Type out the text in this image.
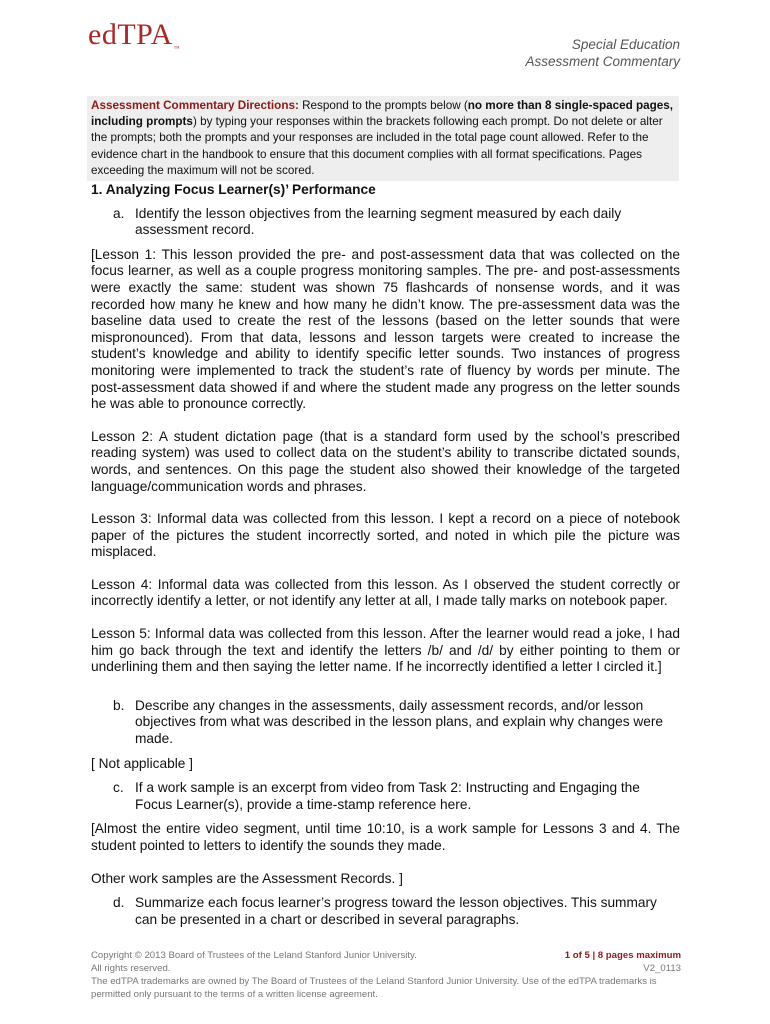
edTPA™	Special Education
Assessment Commentary
Assessment Commentary Directions: Respond to the prompts below (no more than 8 single-spaced pages, including prompts) by typing your responses within the brackets following each prompt. Do not delete or alter the prompts; both the prompts and your responses are included in the total page count allowed. Refer to the evidence chart in the handbook to ensure that this document complies with all format specifications. Pages exceeding the maximum will not be scored.
1. Analyzing Focus Learner(s)’ Performance
a. Identify the lesson objectives from the learning segment measured by each daily assessment record.

[Lesson 1: This lesson provided the pre- and post-assessment data that was collected on the focus learner, as well as a couple progress monitoring samples. The pre- and post-assessments were exactly the same: student was shown 75 flashcards of nonsense words, and it was recorded how many he knew and how many he didn’t know. The pre-assessment data was the baseline data used to create the rest of the lessons (based on the letter sounds that were mispronounced). From that data, lessons and lesson targets were created to increase the student’s knowledge and ability to identify specific letter sounds. Two instances of progress monitoring were implemented to track the student’s rate of fluency by words per minute. The post-assessment data showed if and where the student made any progress on the letter sounds he was able to pronounce correctly.

Lesson 2: A student dictation page (that is a standard form used by the school’s prescribed reading system) was used to collect data on the student’s ability to transcribe dictated sounds, words, and sentences. On this page the student also showed their knowledge of the targeted language/communication words and phrases.

Lesson 3: Informal data was collected from this lesson. I kept a record on a piece of notebook paper of the pictures the student incorrectly sorted, and noted in which pile the picture was misplaced.

Lesson 4: Informal data was collected from this lesson. As I observed the student correctly or incorrectly identify a letter, or not identify any letter at all, I made tally marks on notebook paper.

Lesson 5: Informal data was collected from this lesson. After the learner would read a joke, I had him go back through the text and identify the letters /b/ and /d/ by either pointing to them or underlining them and then saying the letter name. If he incorrectly identified a letter I circled it.]

b. Describe any changes in the assessments, daily assessment records, and/or lesson objectives from what was described in the lesson plans, and explain why changes were made.

[ Not applicable ]

c. If a work sample is an excerpt from video from Task 2: Instructing and Engaging the Focus Learner(s), provide a time-stamp reference here.

[Almost the entire video segment, until time 10:10, is a work sample for Lessons 3 and 4. The student pointed to letters to identify the sounds they made.

Other work samples are the Assessment Records. ]

d. Summarize each focus learner’s progress toward the lesson objectives. This summary can be presented in a chart or described in several paragraphs.
Copyright © 2013 Board of Trustees of the Leland Stanford Junior University.	1 of 5 | 8 pages maximum
All rights reserved.	V2_0113
The edTPA trademarks are owned by The Board of Trustees of the Leland Stanford Junior University. Use of the edTPA trademarks is permitted only pursuant to the terms of a written license agreement.
